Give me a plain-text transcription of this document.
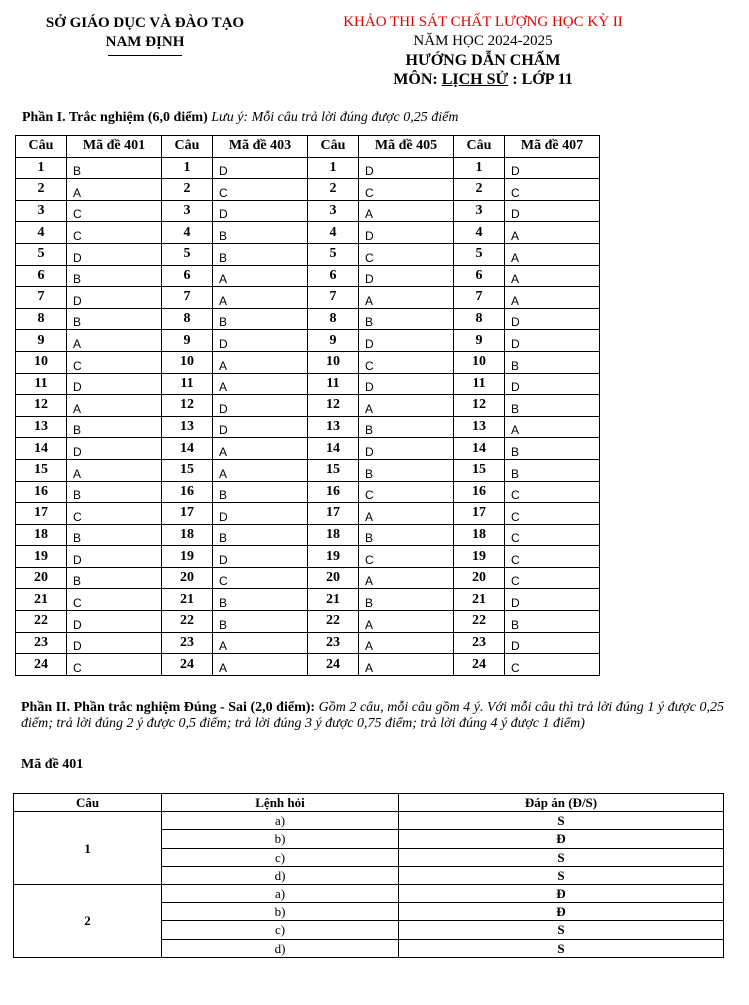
SỞ GIÁO DỤC VÀ ĐÀO TẠO
NAM ĐỊNH
KHẢO THI SÁT CHẤT LƯỢNG HỌC KỲ II
NĂM HỌC 2024-2025
HƯỚNG DẪN CHẤM
MÔN: LỊCH SỬ : LỚP 11
Phần I. Trắc nghiệm (6,0 điểm) Lưu ý: Mỗi câu trả lời đúng được 0,25 điểm
Câu	Mã đề 401	Câu	Mã đề 403	Câu	Mã đề 405	Câu	Mã đề 407
1	B	1	D	1	D	1	D
2	A	2	C	2	C	2	C
3	C	3	D	3	A	3	D
4	C	4	B	4	D	4	A
5	D	5	B	5	C	5	A
6	B	6	A	6	D	6	A
7	D	7	A	7	A	7	A
8	B	8	B	8	B	8	D
9	A	9	D	9	D	9	D
10	C	10	A	10	C	10	B
11	D	11	A	11	D	11	D
12	A	12	D	12	A	12	B
13	B	13	D	13	B	13	A
14	D	14	A	14	D	14	B
15	A	15	A	15	B	15	B
16	B	16	B	16	C	16	C
17	C	17	D	17	A	17	C
18	B	18	B	18	B	18	C
19	D	19	D	19	C	19	C
20	B	20	C	20	A	20	C
21	C	21	B	21	B	21	D
22	D	22	B	22	A	22	B
23	D	23	A	23	A	23	D
24	C	24	A	24	A	24	C
Phần II. Phần trắc nghiệm Đúng - Sai (2,0 điểm): Gồm 2 câu, mỗi câu gồm 4 ý. Với mỗi câu thì trả lời đúng 1 ý được 0,25 điểm; trả lời đúng 2 ý được 0,5 điểm; trả lời đúng 3 ý được 0,75 điểm; trả lời đúng 4 ý được 1 điểm)
Mã đề 401
Câu	Lệnh hỏi	Đáp án (Đ/S)
1	a)	S
	b)	Đ
	c)	S
	d)	S
2	a)	Đ
	b)	Đ
	c)	S
	d)	S
